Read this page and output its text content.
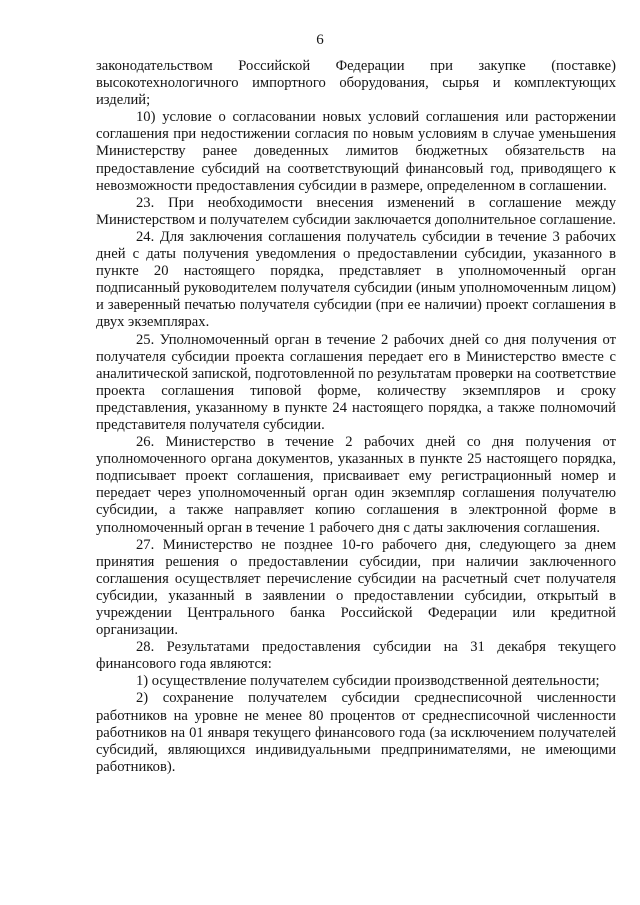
6

законодательством Российской Федерации при закупке (поставке) высокотехнологичного импортного оборудования, сырья и комплектующих изделий;

10) условие о согласовании новых условий соглашения или расторжении соглашения при недостижении согласия по новым условиям в случае уменьшения Министерству ранее доведенных лимитов бюджетных обязательств на предоставление субсидий на соответствующий финансовый год, приводящего к невозможности предоставления субсидии в размере, определенном в соглашении.

23. При необходимости внесения изменений в соглашение между Министерством и получателем субсидии заключается дополнительное соглашение.

24. Для заключения соглашения получатель субсидии в течение 3 рабочих дней с даты получения уведомления о предоставлении субсидии, указанного в пункте 20 настоящего порядка, представляет в уполномоченный орган подписанный руководителем получателя субсидии (иным уполномоченным лицом) и заверенный печатью получателя субсидии (при ее наличии) проект соглашения в двух экземплярах.

25. Уполномоченный орган в течение 2 рабочих дней со дня получения от получателя субсидии проекта соглашения передает его в Министерство вместе с аналитической запиской, подготовленной по результатам проверки на соответствие проекта соглашения типовой форме, количеству экземпляров и сроку представления, указанному в пункте 24 настоящего порядка, а также полномочий представителя получателя субсидии.

26. Министерство в течение 2 рабочих дней со дня получения от уполномоченного органа документов, указанных в пункте 25 настоящего порядка, подписывает проект соглашения, присваивает ему регистрационный номер и передает через уполномоченный орган один экземпляр соглашения получателю субсидии, а также направляет копию соглашения в электронной форме в уполномоченный орган в течение 1 рабочего дня с даты заключения соглашения.

27. Министерство не позднее 10-го рабочего дня, следующего за днем принятия решения о предоставлении субсидии, при наличии заключенного соглашения осуществляет перечисление субсидии на расчетный счет получателя субсидии, указанный в заявлении о предоставлении субсидии, открытый в учреждении Центрального банка Российской Федерации или кредитной организации.

28. Результатами предоставления субсидии на 31 декабря текущего финансового года являются:

1) осуществление получателем субсидии производственной деятельности;

2) сохранение получателем субсидии среднесписочной численности работников на уровне не менее 80 процентов от среднесписочной численности работников на 01 января текущего финансового года (за исключением получателей субсидий, являющихся индивидуальными предпринимателями, не имеющими работников).
